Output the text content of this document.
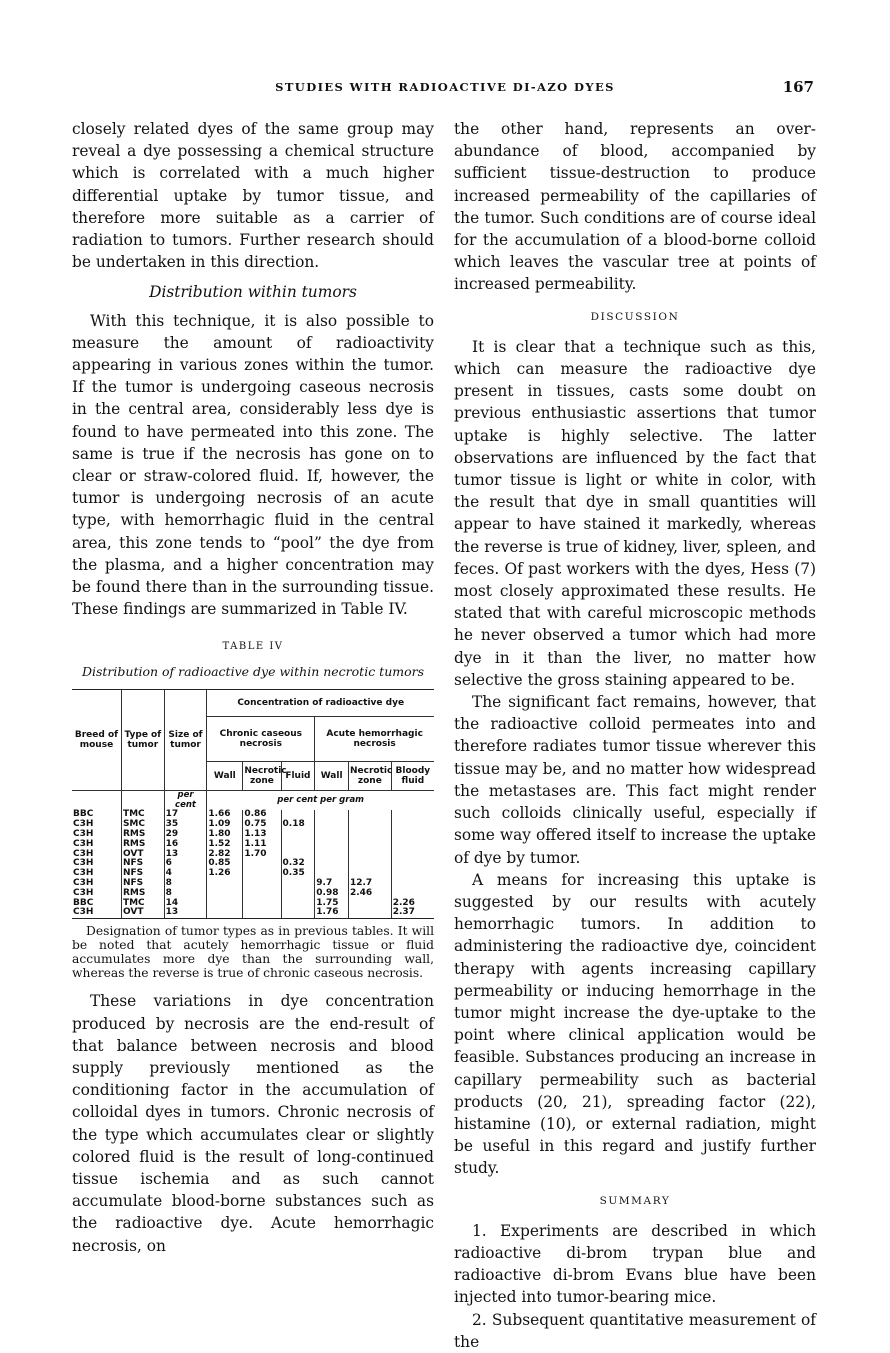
STUDIES WITH RADIOACTIVE DI-AZO DYES	167

closely related dyes of the same group may reveal a dye possessing a chemical structure which is correlated with a much higher differential uptake by tumor tissue, and therefore more suitable as a carrier of radiation to tumors. Further research should be undertaken in this direction.

Distribution within tumors

With this technique, it is also possible to measure the amount of radioactivity appearing in various zones within the tumor. If the tumor is undergoing caseous necrosis in the central area, considerably less dye is found to have permeated into this zone. The same is true if the necrosis has gone on to clear or straw-colored fluid. If, however, the tumor is undergoing necrosis of an acute type, with hemorrhagic fluid in the central area, this zone tends to “pool” the dye from the plasma, and a higher concentration may be found there than in the surrounding tissue. These findings are summarized in Table IV.

TABLE IV
Distribution of radioactive dye within necrotic tumors
Breed of mouse	Type of tumor	Size of tumor	Concentration of radioactive dye					
			Chronic caseous necrosis			Acute hemorrhagic necrosis		
			Wall	Necrotic zone	Fluid	Wall	Necrotic zone	Bloody fluid
		per cent	per cent per gram					
BBC	TMC	17	1.66	0.86				
C3H	SMC	35	1.09	0.75	0.18			
C3H	RMS	29	1.80	1.13				
C3H	RMS	16	1.52	1.11				
C3H	OVT	13	2.82	1.70				
C3H	NFS	6	0.85		0.32			
C3H	NFS	4	1.26		0.35			
C3H	NFS	8				9.7	12.7	
C3H	RMS	8				0.98	2.46	
BBC	TMC	14				1.75		2.26
C3H	OVT	13				1.76		2.37

Designation of tumor types as in previous tables. It will be noted that acutely hemorrhagic tissue or fluid accumulates more dye than the surrounding wall, whereas the reverse is true of chronic caseous necrosis.

These variations in dye concentration produced by necrosis are the end-result of that balance between necrosis and blood supply previously mentioned as the conditioning factor in the accumulation of colloidal dyes in tumors. Chronic necrosis of the type which accumulates clear or slightly colored fluid is the result of long-continued tissue ischemia and as such cannot accumulate blood-borne substances such as the radioactive dye. Acute hemorrhagic necrosis, on

the other hand, represents an over-abundance of blood, accompanied by sufficient tissue-destruction to produce increased permeability of the capillaries of the tumor. Such conditions are of course ideal for the accumulation of a blood-borne colloid which leaves the vascular tree at points of increased permeability.

DISCUSSION

It is clear that a technique such as this, which can measure the radioactive dye present in tissues, casts some doubt on previous enthusiastic assertions that tumor uptake is highly selective. The latter observations are influenced by the fact that tumor tissue is light or white in color, with the result that dye in small quantities will appear to have stained it markedly, whereas the reverse is true of kidney, liver, spleen, and feces. Of past workers with the dyes, Hess (7) most closely approximated these results. He stated that with careful microscopic methods he never observed a tumor which had more dye in it than the liver, no matter how selective the gross staining appeared to be.

The significant fact remains, however, that the radioactive colloid permeates into and therefore radiates tumor tissue wherever this tissue may be, and no matter how widespread the metastases are. This fact might render such colloids clinically useful, especially if some way offered itself to increase the uptake of dye by tumor.

A means for increasing this uptake is suggested by our results with acutely hemorrhagic tumors. In addition to administering the radioactive dye, coincident therapy with agents increasing capillary permeability or inducing hemorrhage in the tumor might increase the dye-uptake to the point where clinical application would be feasible. Substances producing an increase in capillary permeability such as bacterial products (20, 21), spreading factor (22), histamine (10), or external radiation, might be useful in this regard and justify further study.

SUMMARY

1. Experiments are described in which radioactive di-brom trypan blue and radioactive di-brom Evans blue have been injected into tumor-bearing mice.

2. Subsequent quantitative measurement of the
